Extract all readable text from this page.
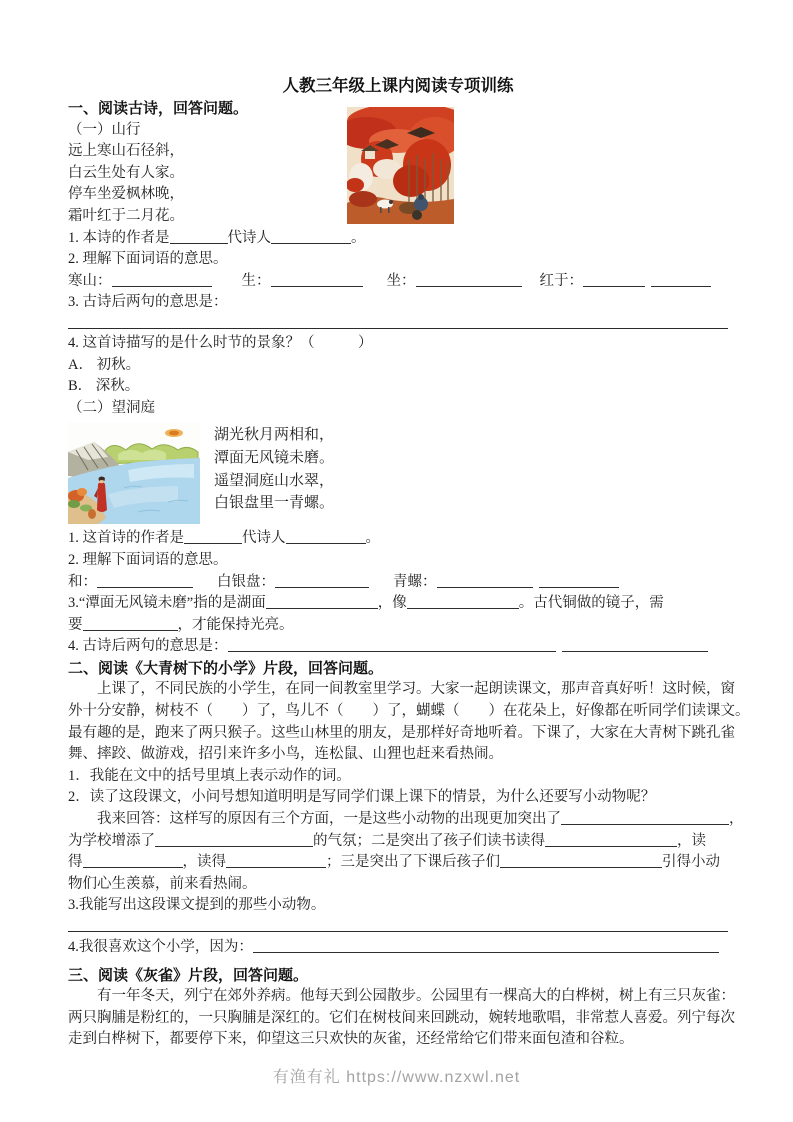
人教三年级上课内阅读专项训练
一、阅读古诗，回答问题。
（一）山行
远上寒山石径斜，
白云生处有人家。
停车坐爱枫林晚，
霜叶红于二月花。
1. 本诗的作者是	代诗人	。
2. 理解下面词语的意思。
寒山：	生：	坐：	红于：
3. 古诗后两句的意思是：
4. 这首诗描写的是什么时节的景象？（　　　）
A． 初秋。
B． 深秋。
（二）望洞庭
湖光秋月两相和，
潭面无风镜未磨。
遥望洞庭山水翠，
白银盘里一青螺。
1. 这首诗的作者是	代诗人	。
2. 理解下面词语的意思。
和：	白银盘：	青螺：
3.“潭面无风镜未磨”指的是湖面	，像	。古代铜做的镜子，需
要	，才能保持光亮。
4. 古诗后两句的意思是：
二、阅读《大青树下的小学》片段，回答问题。
上课了，不同民族的小学生，在同一间教室里学习。大家一起朗读课文，那声音真好听！这时候，窗
外十分安静，树枝不（　　）了，鸟儿不（　　）了，蝴蝶（　　）在花朵上，好像都在听同学们读课文。
最有趣的是，跑来了两只猴子。这些山林里的朋友，是那样好奇地听着。下课了，大家在大青树下跳孔雀
舞、摔跤、做游戏，招引来许多小鸟，连松鼠、山狸也赶来看热闹。
1．我能在文中的括号里填上表示动作的词。
2．读了这段课文，小问号想知道明明是写同学们课上课下的情景，为什么还要写小动物呢？
我来回答：这样写的原因有三个方面，一是这些小动物的出现更加突出了	，
为学校增添了	的气氛；二是突出了孩子们读书读得	，读
得	，读得	；三是突出了下课后孩子们	引得小动
物们心生羡慕，前来看热闹。
3.我能写出这段课文提到的那些小动物。
4.我很喜欢这个小学，因为：
三、阅读《灰雀》片段，回答问题。
有一年冬天，列宁在郊外养病。他每天到公园散步。公园里有一棵高大的白桦树，树上有三只灰雀：
两只胸脯是粉红的，一只胸脯是深红的。它们在树枝间来回跳动，婉转地歌唱，非常惹人喜爱。列宁每次
走到白桦树下，都要停下来，仰望这三只欢快的灰雀，还经常给它们带来面包渣和谷粒。
有渔有礼 https://www.nzxwl.net
